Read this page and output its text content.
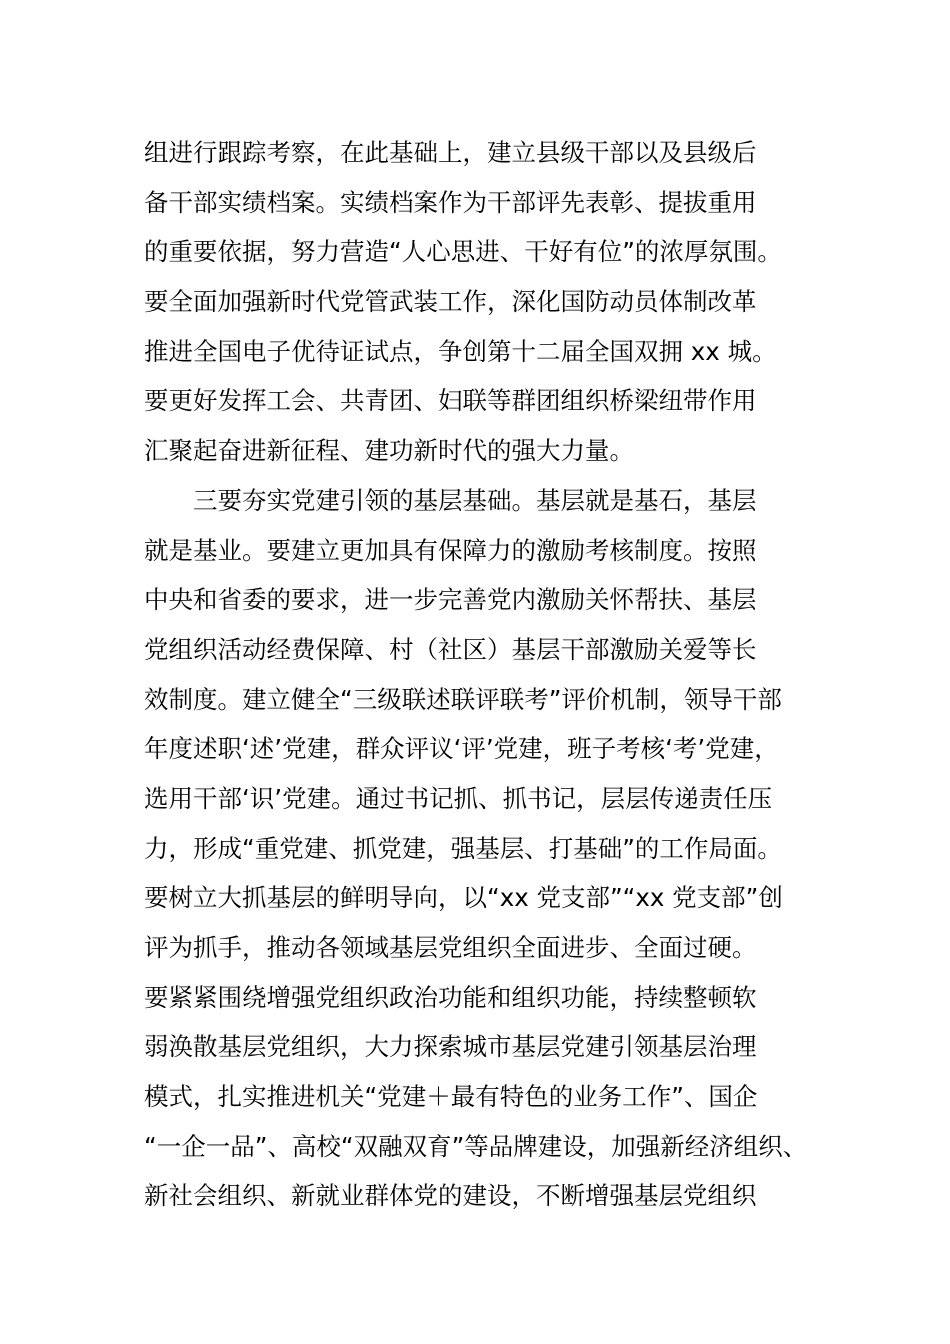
组进行跟踪考察，在此基础上，建立县级干部以及县级后
备干部实绩档案。实绩档案作为干部评先表彰、提拔重用
的重要依据，努力营造“人心思进、干好有位”的浓厚氛围。
要全面加强新时代党管武装工作，深化国防动员体制改革
推进全国电子优待证试点，争创第十二届全国双拥 xx 城。
要更好发挥工会、共青团、妇联等群团组织桥梁纽带作用
汇聚起奋进新征程、建功新时代的强大力量。
三要夯实党建引领的基层基础。基层就是基石，基层
就是基业。要建立更加具有保障力的激励考核制度。按照
中央和省委的要求，进一步完善党内激励关怀帮扶、基层
党组织活动经费保障、村（社区）基层干部激励关爱等长
效制度。建立健全“三级联述联评联考”评价机制，领导干部
年度述职‘述’党建，群众评议‘评’党建，班子考核‘考’党建，
选用干部‘识’党建。通过书记抓、抓书记，层层传递责任压
力，形成“重党建、抓党建，强基层、打基础”的工作局面。
要树立大抓基层的鲜明导向，以“xx 党支部”“xx 党支部”创
评为抓手，推动各领域基层党组织全面进步、全面过硬。
要紧紧围绕增强党组织政治功能和组织功能，持续整顿软
弱涣散基层党组织，大力探索城市基层党建引领基层治理
模式，扎实推进机关“党建＋最有特色的业务工作”、国企
“一企一品”、高校“双融双育”等品牌建设，加强新经济组织、
新社会组织、新就业群体党的建设，不断增强基层党组织
